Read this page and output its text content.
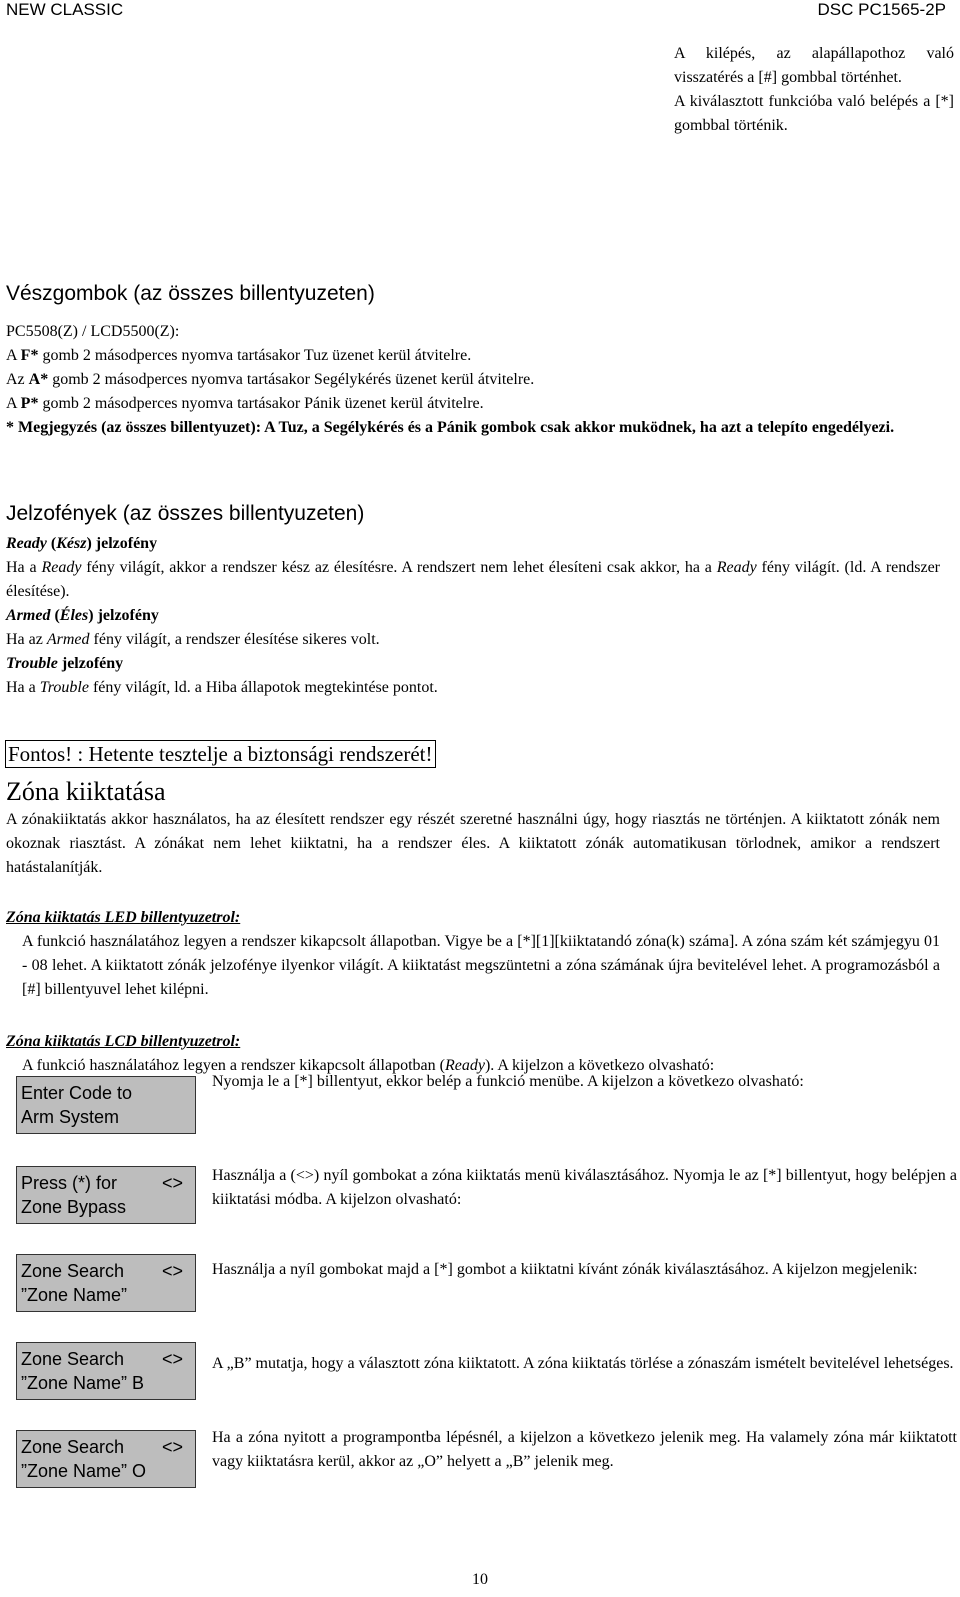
NEW CLASSIC	DSC PC1565-2P
A kilépés, az alapállapothoz való visszatérés a [#] gombbal történhet.
A kiválasztott funkcióba való belépés a [*] gombbal történik.
Vészgombok (az összes billentyuzeten)
PC5508(Z) / LCD5500(Z):
A F* gomb 2 másodperces nyomva tartásakor Tuz üzenet kerül átvitelre.
Az A* gomb 2 másodperces nyomva tartásakor Segélykérés üzenet kerül átvitelre.
A P* gomb 2 másodperces nyomva tartásakor Pánik üzenet kerül átvitelre.
* Megjegyzés (az összes billentyuzet): A Tuz, a Segélykérés és a Pánik gombok csak akkor muködnek, ha azt a telepíto engedélyezi.
Jelzofények (az összes billentyuzeten)
Ready (Kész) jelzofény
Ha a Ready fény világít, akkor a rendszer kész az élesítésre. A rendszert nem lehet élesíteni csak akkor, ha a Ready fény világít. (ld. A rendszer élesítése).
Armed (Éles) jelzofény
Ha az Armed fény világít, a rendszer élesítése sikeres volt.
Trouble jelzofény
Ha a Trouble fény világít, ld. a Hiba állapotok megtekintése pontot.
Fontos! : Hetente tesztelje a biztonsági rendszerét!
Zóna kiiktatása
A zónakiiktatás akkor használatos, ha az élesített rendszer egy részét szeretné használni úgy, hogy riasztás ne történjen. A kiiktatott zónák nem okoznak riasztást. A zónákat nem lehet kiiktatni, ha a rendszer éles. A kiiktatott zónák automatikusan törlodnek, amikor a rendszert hatástalanítják.
Zóna kiiktatás LED billentyuzetrol:
A funkció használatához legyen a rendszer kikapcsolt állapotban. Vigye be a [*][1][kiiktatandó zóna(k) száma]. A zóna szám két számjegyu 01 - 08 lehet. A kiiktatott zónák jelzofénye ilyenkor világít. A kiiktatást megszüntetni a zóna számának újra bevitelével lehet. A programozásból a [#] billentyuvel lehet kilépni.
Zóna kiiktatás LCD billentyuzetrol:
A funkció használatához legyen a rendszer kikapcsolt állapotban (Ready). A kijelzon a következo olvasható:
Enter Code to
Arm System
Nyomja le a [*] billentyut, ekkor belép a funkció menübe. A kijelzon a következo olvasható:
Press (*) for <>
Zone Bypass
Használja a (<>) nyíl gombokat a zóna kiiktatás menü kiválasztásához. Nyomja le az [*] billentyut, hogy belépjen a kiiktatási módba. A kijelzon olvasható:
Zone Search <>
”Zone Name”
Használja a nyíl gombokat majd a [*] gombot a kiiktatni kívánt zónák kiválasztásához. A kijelzon megjelenik:
Zone Search <>
”Zone Name” B
A „B” mutatja, hogy a választott zóna kiiktatott. A zóna kiiktatás törlése a zónaszám ismételt bevitelével lehetséges.
Zone Search <>
”Zone Name” O
Ha a zóna nyitott a programpontba lépésnél, a kijelzon a következo jelenik meg. Ha valamely zóna már kiiktatott vagy kiiktatásra kerül, akkor az „O” helyett a „B” jelenik meg.
10
